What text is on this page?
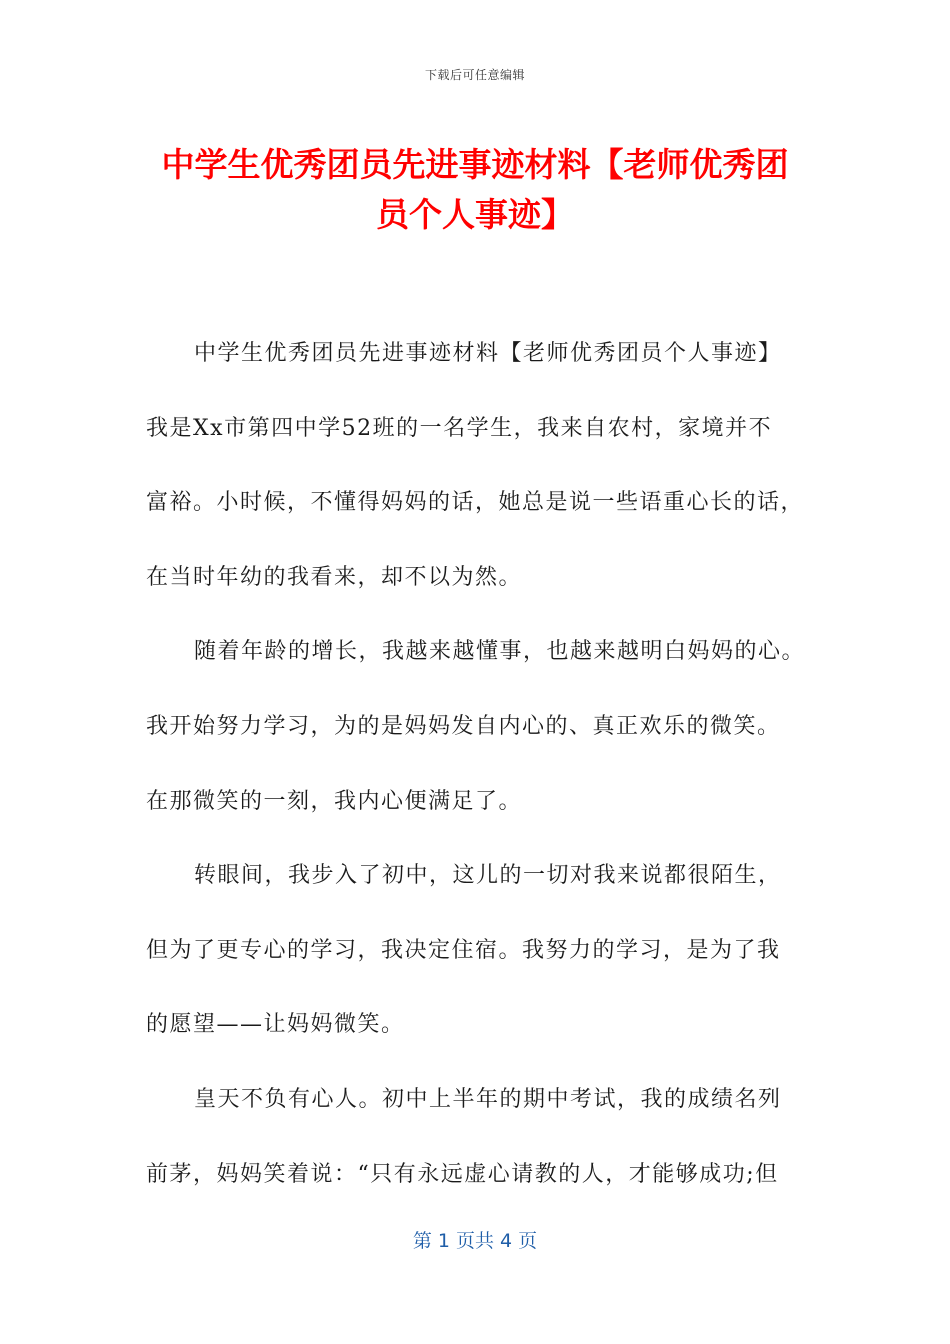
下载后可任意编辑
中学生优秀团员先进事迹材料【老师优秀团
员个人事迹】
中学生优秀团员先进事迹材料【老师优秀团员个人事迹】
我是Xx市第四中学52班的一名学生，我来自农村，家境并不
富裕。小时候，不懂得妈妈的话，她总是说一些语重心长的话，
在当时年幼的我看来，却不以为然。
随着年龄的增长，我越来越懂事，也越来越明白妈妈的心。
我开始努力学习，为的是妈妈发自内心的、真正欢乐的微笑。
在那微笑的一刻，我内心便满足了。
转眼间，我步入了初中，这儿的一切对我来说都很陌生，
但为了更专心的学习，我决定住宿。我努力的学习，是为了我
的愿望——让妈妈微笑。
皇天不负有心人。初中上半年的期中考试，我的成绩名列
前茅，妈妈笑着说：“只有永远虚心请教的人，才能够成功;但
第 1 页共 4 页
